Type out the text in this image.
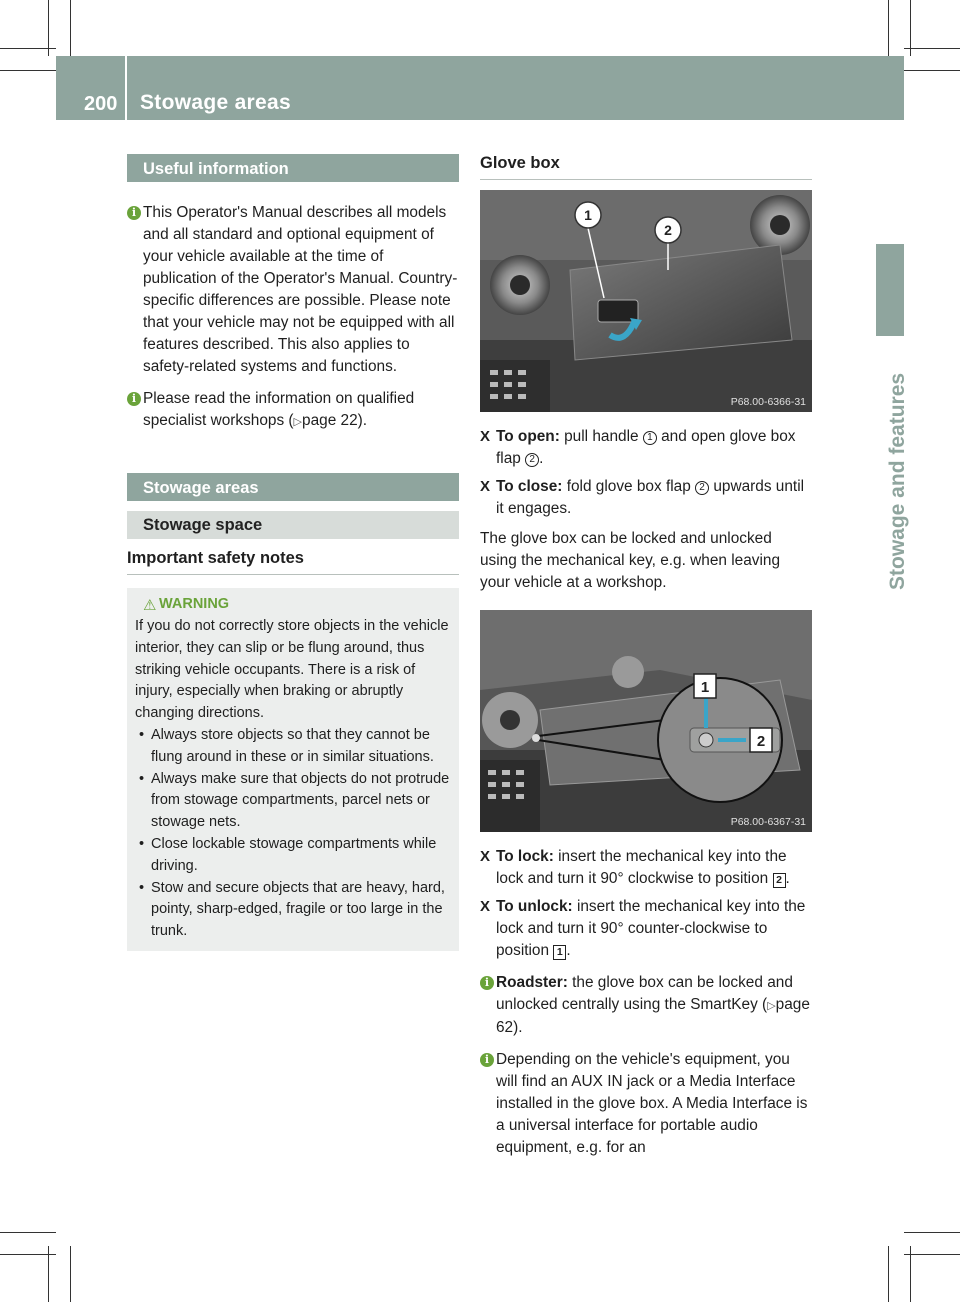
200 Stowage areas
Stowage and features
Useful information
i This Operator's Manual describes all models and all standard and optional equipment of your vehicle available at the time of publication of the Operator's Manual. Country-specific differences are possible. Please note that your vehicle may not be equipped with all features described. This also applies to safety-related systems and functions.
i Please read the information on qualified specialist workshops (▷page 22).
Stowage areas
Stowage space
Important safety notes
⚠ WARNING
If you do not correctly store objects in the vehicle interior, they can slip or be flung around, thus striking vehicle occupants. There is a risk of injury, especially when braking or abruptly changing directions.
• Always store objects so that they cannot be flung around in these or in similar situations.
• Always make sure that objects do not protrude from stowage compartments, parcel nets or stowage nets.
• Close lockable stowage compartments while driving.
• Stow and secure objects that are heavy, hard, pointy, sharp-edged, fragile or too large in the trunk.
Glove box
1
2
P68.00-6366-31
X To open: pull handle 1 and open glove box flap 2 .
X To close: fold glove box flap 2 upwards until it engages.
The glove box can be locked and unlocked using the mechanical key, e.g. when leaving your vehicle at a workshop.
1
2
P68.00-6367-31
X To lock: insert the mechanical key into the lock and turn it 90° clockwise to position 2 .
X To unlock: insert the mechanical key into the lock and turn it 90° counter-clockwise to position 1 .
i Roadster: the glove box can be locked and unlocked centrally using the SmartKey (▷page 62).
i Depending on the vehicle's equipment, you will find an AUX IN jack or a Media Interface installed in the glove box. A Media Interface is a universal interface for portable audio equipment, e.g. for an
